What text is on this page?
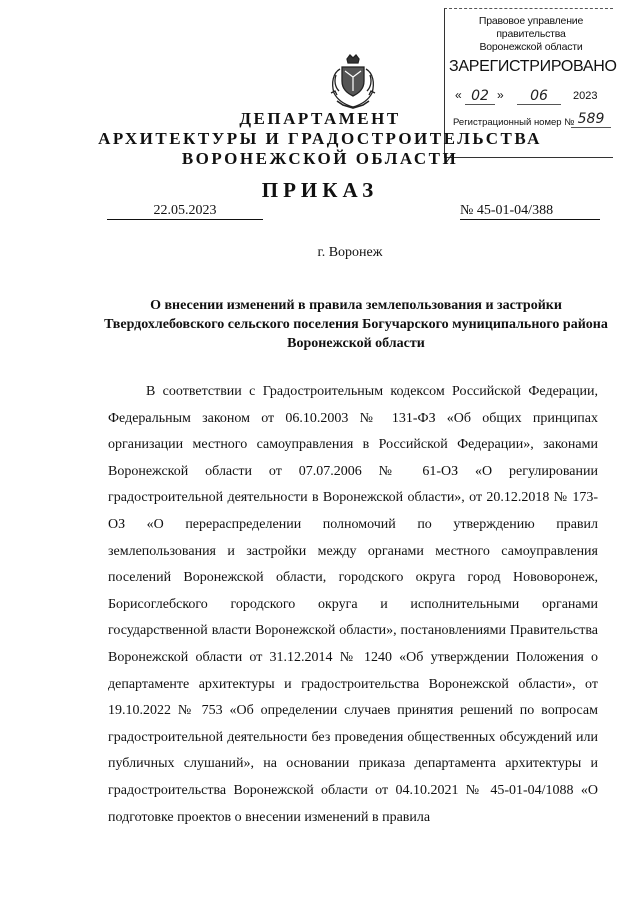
Правовое управление правительства
Воронежской области
ЗАРЕГИСТРИРОВАНО
« 02 »	06	2023
Регистрационный номер № 589
ДЕПАРТАМЕНТ
АРХИТЕКТУРЫ И ГРАДОСТРОИТЕЛЬСТВА
ВОРОНЕЖСКОЙ ОБЛАСТИ
ПРИКАЗ
22.05.2023	№ 45-01-04/388
г. Воронеж
О внесении изменений в правила землепользования и застройки Твердохлебовского сельского поселения Богучарского муниципального района Воронежской области
В соответствии с Градостроительным кодексом Российской Федерации, Федеральным законом от 06.10.2003 № 131-ФЗ «Об общих принципах организации местного самоуправления в Российской Федерации», законами Воронежской области от 07.07.2006 № 61-ОЗ «О регулировании градостроительной деятельности в Воронежской области», от 20.12.2018 № 173-ОЗ «О перераспределении полномочий по утверждению правил землепользования и застройки между органами местного самоуправления поселений Воронежской области, городского округа город Нововоронеж, Борисоглебского городского округа и исполнительными органами государственной власти Воронежской области», постановлениями Правительства Воронежской области от 31.12.2014 № 1240 «Об утверждении Положения о департаменте архитектуры и градостроительства Воронежской области», от 19.10.2022 № 753 «Об определении случаев принятия решений по вопросам градостроительной деятельности без проведения общественных обсуждений или публичных слушаний», на основании приказа департамента архитектуры и градостроительства Воронежской области от 04.10.2021 № 45-01-04/1088 «О подготовке проектов о внесении изменений в правила
